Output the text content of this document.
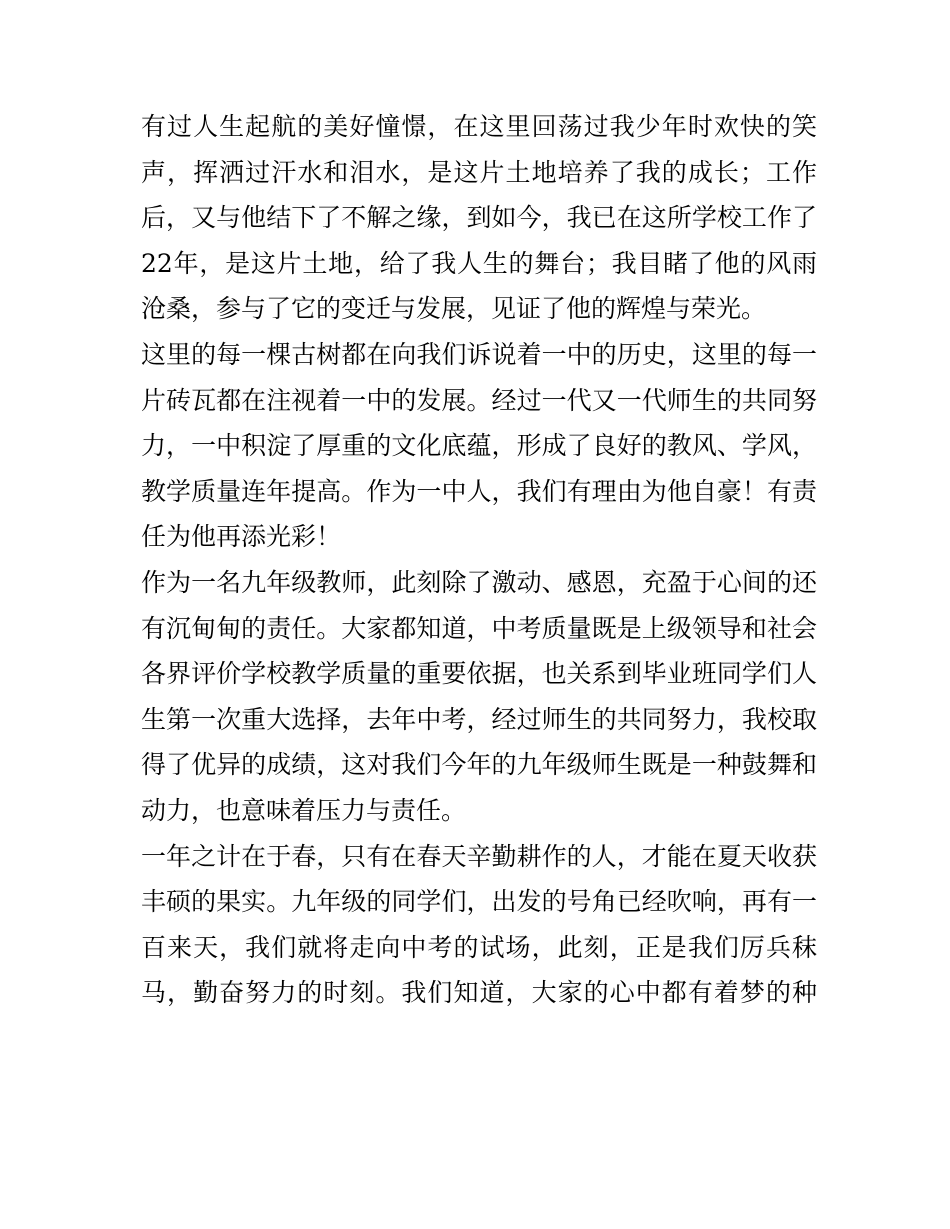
有过人生起航的美好憧憬，在这里回荡过我少年时欢快的笑
声，挥洒过汗水和泪水，是这片土地培养了我的成长；工作
后，又与他结下了不解之缘，到如今，我已在这所学校工作了
22年，是这片土地，给了我人生的舞台；我目睹了他的风雨
沧桑，参与了它的变迁与发展，见证了他的辉煌与荣光。
这里的每一棵古树都在向我们诉说着一中的历史，这里的每一
片砖瓦都在注视着一中的发展。经过一代又一代师生的共同努
力，一中积淀了厚重的文化底蕴，形成了良好的教风、学风，
教学质量连年提高。作为一中人，我们有理由为他自豪！有责
任为他再添光彩！
作为一名九年级教师，此刻除了激动、感恩，充盈于心间的还
有沉甸甸的责任。大家都知道，中考质量既是上级领导和社会
各界评价学校教学质量的重要依据，也关系到毕业班同学们人
生第一次重大选择，去年中考，经过师生的共同努力，我校取
得了优异的成绩，这对我们今年的九年级师生既是一种鼓舞和
动力，也意味着压力与责任。
一年之计在于春，只有在春天辛勤耕作的人，才能在夏天收获
丰硕的果实。九年级的同学们，出发的号角已经吹响，再有一
百来天，我们就将走向中考的试场，此刻，正是我们厉兵秣
马，勤奋努力的时刻。我们知道，大家的心中都有着梦的种
